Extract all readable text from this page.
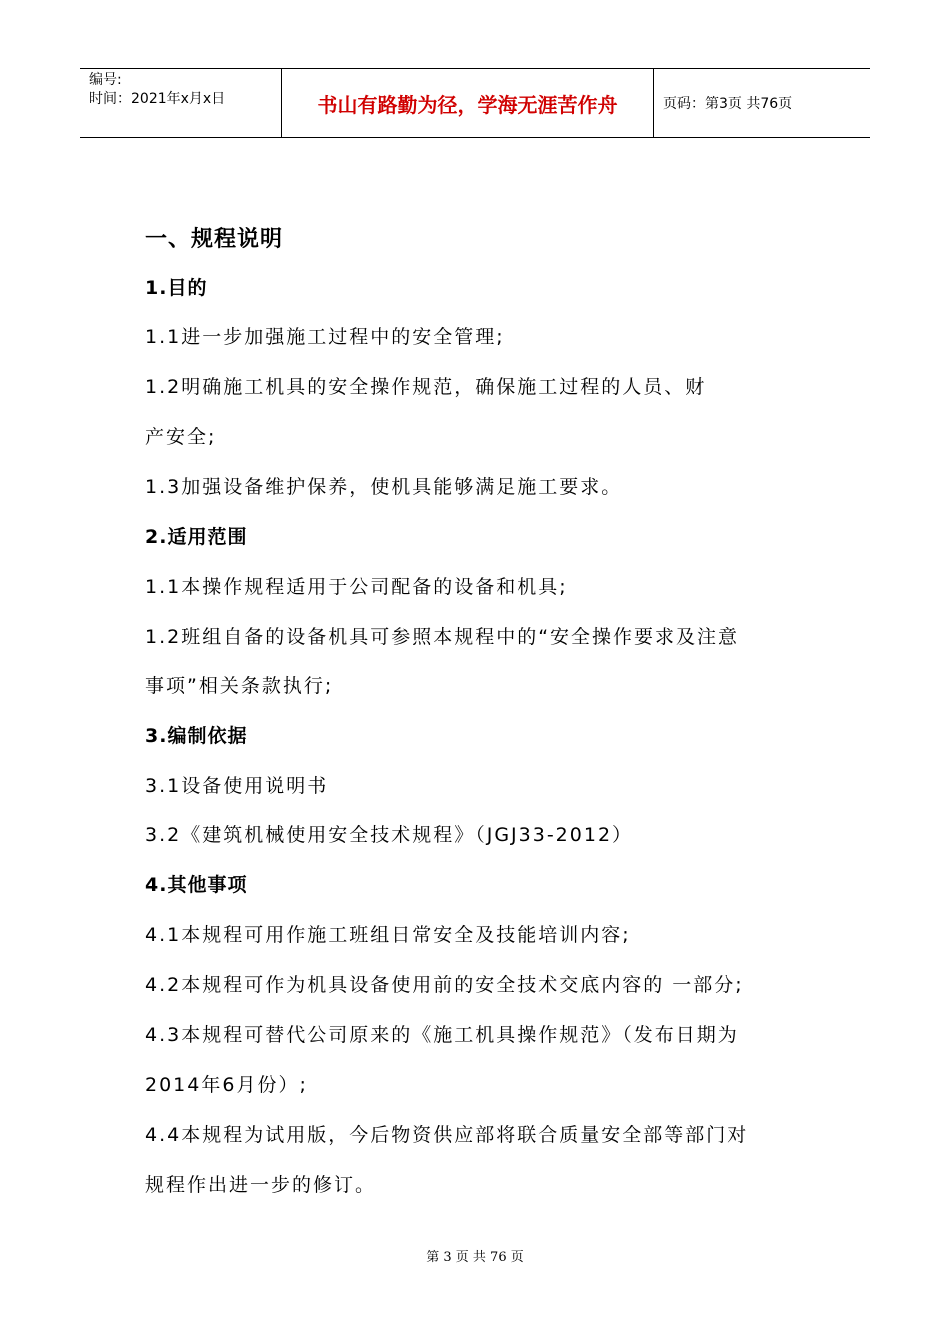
编号:
时间：2021年x月x日	书山有路勤为径，学海无涯苦作舟	页码：第3页 共76页
一、规程说明
1.目的
1.1进一步加强施工过程中的安全管理;
1.2明确施工机具的安全操作规范，确保施工过程的人员、财
产安全;
1.3加强设备维护保养，使机具能够满足施工要求。
2.适用范围
1.1本操作规程适用于公司配备的设备和机具;
1.2班组自备的设备机具可参照本规程中的“安全操作要求及注意
事项”相关条款执行;
3.编制依据
3.1设备使用说明书
3.2《建筑机械使用安全技术规程》（JGJ33-2012）
4.其他事项
4.1本规程可用作施工班组日常安全及技能培训内容;
4.2本规程可作为机具设备使用前的安全技术交底内容的 一部分;
4.3本规程可替代公司原来的《施工机具操作规范》（发布日期为
2014年6月份）;
4.4本规程为试用版，今后物资供应部将联合质量安全部等部门对
规程作出进一步的修订。
第 3 页 共 76 页
